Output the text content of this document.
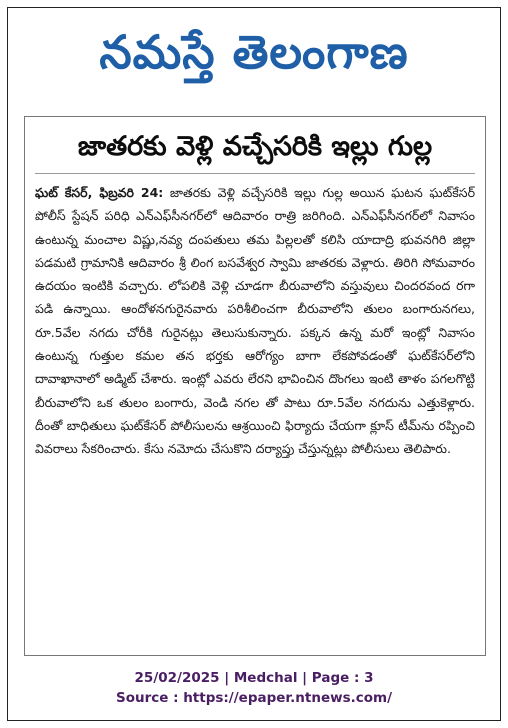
నమస్తే తెలంగాణ
జాతరకు వెళ్లి వచ్చేసరికి ఇల్లు గుల్ల
ఘట్ కేసర్, ఫిబ్రవరి 24: జాతరకు వెళ్లి వచ్చేసరికి ఇల్లు గుల్ల అయిన ఘటన ఘట్‌కేసర్ పోలీస్ స్టేషన్ పరిధి ఎన్ఎఫ్‌సీనగర్‌లో ఆదివారం రాత్రి జరిగింది. ఎన్ఎఫ్‌సీనగర్‌లో నివాసం ఉంటున్న మంచాల విష్ణు,నవ్య దంపతులు తమ పిల్లలతో కలిసి యాదాద్రి భువనగిరి జిల్లా పడమటి గ్రామానికి ఆదివారం శ్రీ లింగ బసవేశ్వర స్వామి జాతరకు వెళ్లారు. తిరిగి సోమవారం ఉదయం ఇంటికి వచ్చారు. లోపలికి వెళ్లి చూడగా బీరువాలోని వస్తువులు చిందరవంద రగా పడి ఉన్నాయి. ఆందోళనగురైనవారు పరిశీలించగా బీరువాలోని తులం బంగారునగలు, రూ.5వేల నగదు చోరీకి గురైనట్లు తెలుసుకున్నారు. పక్కన ఉన్న మరో ఇంట్లో నివాసం ఉంటున్న గుత్తుల కమల తన భర్తకు ఆరోగ్యం బాగా లేకపోవడంతో ఘట్‌కేసర్‌లోని దావాఖానాలో అడ్మిట్ చేశారు. ఇంట్లో ఎవరు లేరని భావించిన దొంగలు ఇంటి తాళం పగలగొట్టి బీరువాలోని ఒక తులం బంగారు, వెండి నగల తో పాటు రూ.5వేల నగదును ఎత్తుకెళ్లారు. దీంతో బాధితులు ఘట్‌కేసర్ పోలీసులను ఆశ్రయించి ఫిర్యాదు చేయగా క్లూస్ టీమ్‌ను రప్పించి వివరాలు సేకరించారు. కేసు నమోదు చేసుకొని దర్యాప్తు చేస్తున్నట్లు పోలీసులు తెలిపారు.
25/02/2025 | Medchal | Page : 3
Source : https://epaper.ntnews.com/
